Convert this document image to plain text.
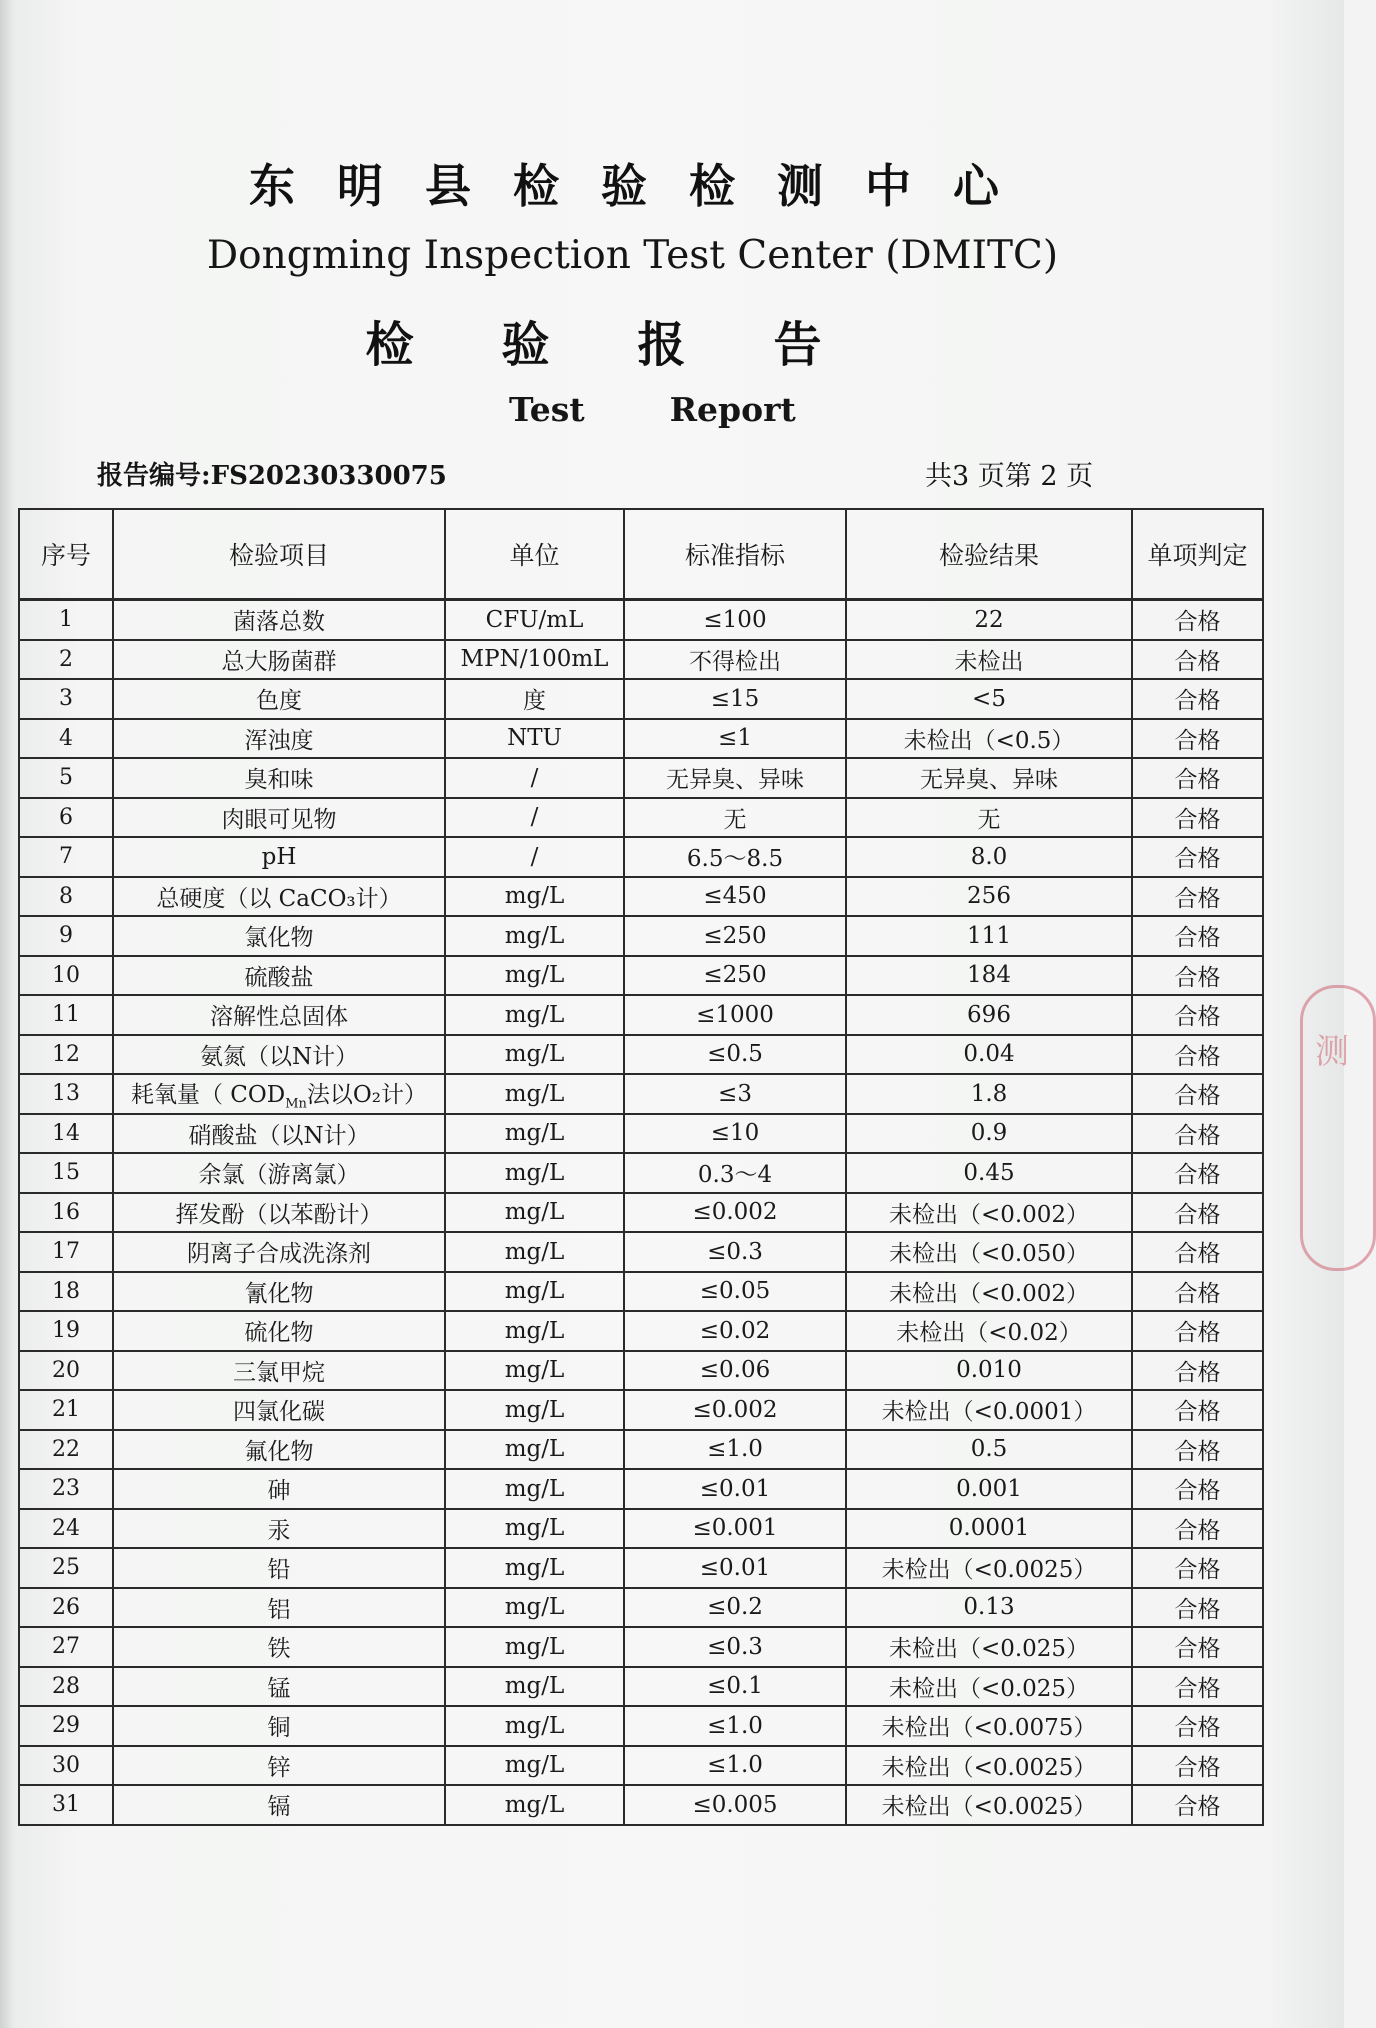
东明县检验检测中心
Dongming Inspection Test Center (DMITC)
检验报告
Test	Report
报告编号:FS20230330075	共3 页第 2 页
序号	检验项目	单位	标准指标	检验结果	单项判定
1	菌落总数	CFU/mL	≤100	22	合格
2	总大肠菌群	MPN/100mL	不得检出	未检出	合格
3	色度	度	≤15	<5	合格
4	浑浊度	NTU	≤1	未检出（<0.5）	合格
5	臭和味	/	无异臭、异味	无异臭、异味	合格
6	肉眼可见物	/	无	无	合格
7	pH	/	6.5～8.5	8.0	合格
8	总硬度（以 CaCO₃计）	mg/L	≤450	256	合格
9	氯化物	mg/L	≤250	111	合格
10	硫酸盐	mg/L	≤250	184	合格
11	溶解性总固体	mg/L	≤1000	696	合格
12	氨氮（以N计）	mg/L	≤0.5	0.04	合格
13	耗氧量（ $COD_{Mn}$法以O₂计）	mg/L	≤3	1.8	合格
14	硝酸盐（以N计）	mg/L	≤10	0.9	合格
15	余氯（游离氯）	mg/L	0.3～4	0.45	合格
16	挥发酚（以苯酚计）	mg/L	≤0.002	未检出（<0.002）	合格
17	阴离子合成洗涤剂	mg/L	≤0.3	未检出（<0.050）	合格
18	氰化物	mg/L	≤0.05	未检出（<0.002）	合格
19	硫化物	mg/L	≤0.02	未检出（<0.02）	合格
20	三氯甲烷	mg/L	≤0.06	0.010	合格
21	四氯化碳	mg/L	≤0.002	未检出（<0.0001）	合格
22	氟化物	mg/L	≤1.0	0.5	合格
23	砷	mg/L	≤0.01	0.001	合格
24	汞	mg/L	≤0.001	0.0001	合格
25	铅	mg/L	≤0.01	未检出（<0.0025）	合格
26	铝	mg/L	≤0.2	0.13	合格
27	铁	mg/L	≤0.3	未检出（<0.025）	合格
28	锰	mg/L	≤0.1	未检出（<0.025）	合格
29	铜	mg/L	≤1.0	未检出（<0.0075）	合格
30	锌	mg/L	≤1.0	未检出（<0.0025）	合格
31	镉	mg/L	≤0.005	未检出（<0.0025）	合格
测
